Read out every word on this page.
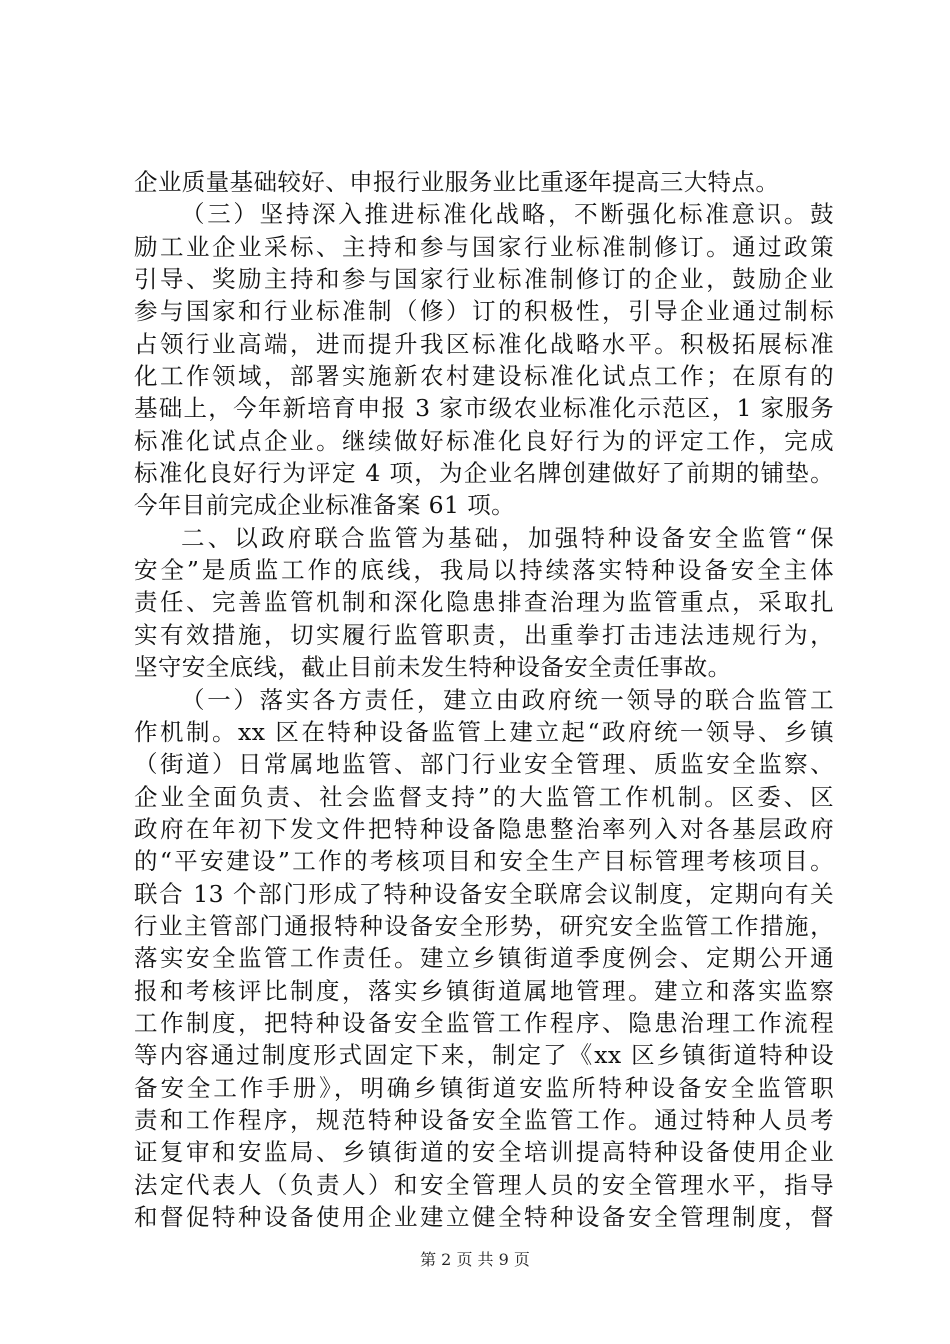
企业质量基础较好、申报行业服务业比重逐年提高三大特点。
（三）坚持深入推进标准化战略，不断强化标准意识。鼓
励工业企业采标、主持和参与国家行业标准制修订。通过政策
引导、奖励主持和参与国家行业标准制修订的企业，鼓励企业
参与国家和行业标准制（修）订的积极性，引导企业通过制标
占领行业高端，进而提升我区标准化战略水平。积极拓展标准
化工作领域，部署实施新农村建设标准化试点工作；在原有的
基础上，今年新培育申报 3 家市级农业标准化示范区，1 家服务
标准化试点企业。继续做好标准化良好行为的评定工作，完成
标准化良好行为评定 4 项，为企业名牌创建做好了前期的铺垫。
今年目前完成企业标准备案 61 项。
二、以政府联合监管为基础，加强特种设备安全监管“保
安全”是质监工作的底线，我局以持续落实特种设备安全主体
责任、完善监管机制和深化隐患排查治理为监管重点，采取扎
实有效措施，切实履行监管职责，出重拳打击违法违规行为，
坚守安全底线，截止目前未发生特种设备安全责任事故。
（一）落实各方责任，建立由政府统一领导的联合监管工
作机制。xx 区在特种设备监管上建立起“政府统一领导、乡镇
（街道）日常属地监管、部门行业安全管理、质监安全监察、
企业全面负责、社会监督支持”的大监管工作机制。区委、区
政府在年初下发文件把特种设备隐患整治率列入对各基层政府
的“平安建设”工作的考核项目和安全生产目标管理考核项目。
联合 13 个部门形成了特种设备安全联席会议制度，定期向有关
行业主管部门通报特种设备安全形势，研究安全监管工作措施，
落实安全监管工作责任。建立乡镇街道季度例会、定期公开通
报和考核评比制度，落实乡镇街道属地管理。建立和落实监察
工作制度，把特种设备安全监管工作程序、隐患治理工作流程
等内容通过制度形式固定下来，制定了《xx 区乡镇街道特种设
备安全工作手册》，明确乡镇街道安监所特种设备安全监管职
责和工作程序，规范特种设备安全监管工作。通过特种人员考
证复审和安监局、乡镇街道的安全培训提高特种设备使用企业
法定代表人（负责人）和安全管理人员的安全管理水平，指导
和督促特种设备使用企业建立健全特种设备安全管理制度，督
第 2 页 共 9 页
